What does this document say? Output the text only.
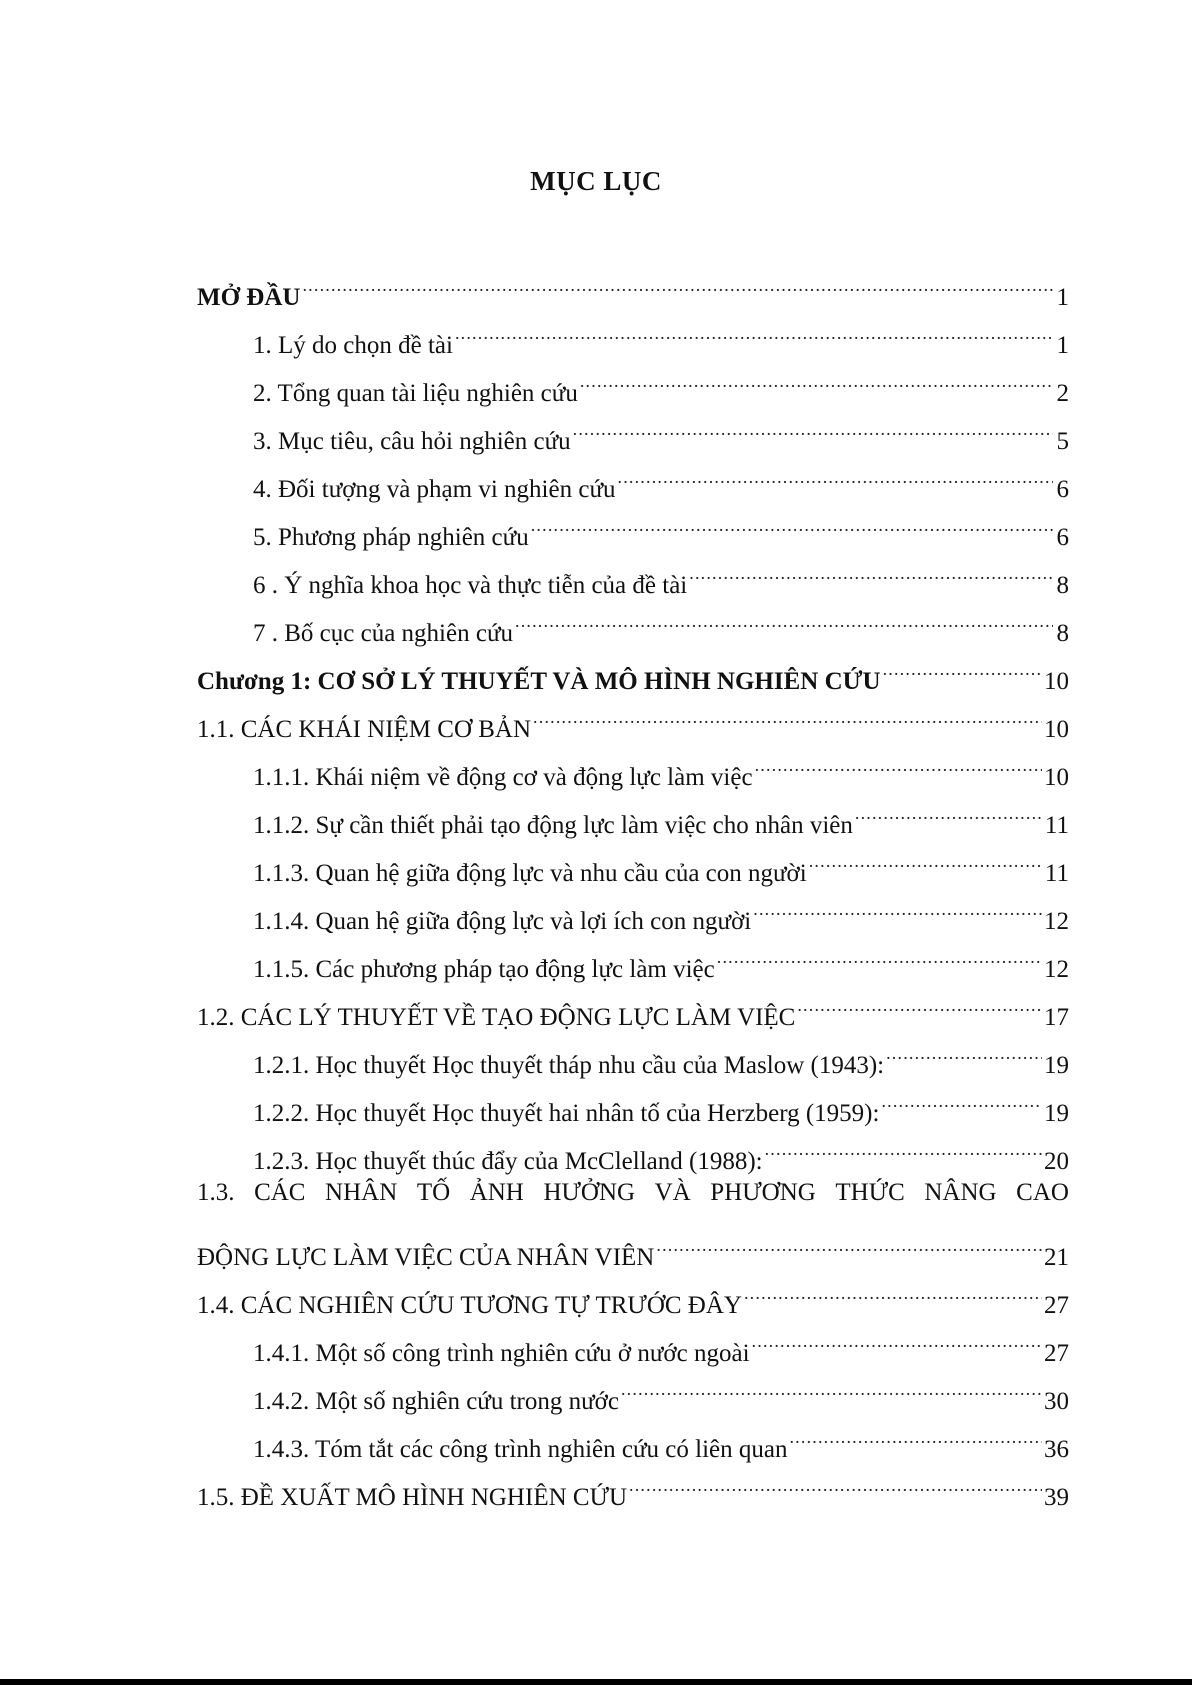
MỤC LỤC
MỞ ĐẦU .....	1
1. Lý do chọn đề tài .....	1
2. Tổng quan tài liệu nghiên cứu .....	2
3. Mục tiêu, câu hỏi nghiên cứu .....	5
4. Đối tượng và phạm vi nghiên cứu .....	6
5. Phương pháp nghiên cứu .....	6
6 . Ý nghĩa khoa học và thực tiễn của đề tài .....	8
7 . Bố cục của nghiên cứu .....	8
Chương 1: CƠ SỞ LÝ THUYẾT VÀ MÔ HÌNH NGHIÊN CỨU .....	10
1.1. CÁC KHÁI NIỆM CƠ BẢN .....	10
1.1.1. Khái niệm về động cơ và động lực làm việc .....	10
1.1.2. Sự cần thiết phải tạo động lực làm việc cho nhân viên .....	11
1.1.3. Quan hệ giữa động lực và nhu cầu của con người .....	11
1.1.4. Quan hệ giữa động lực và lợi ích con người .....	12
1.1.5. Các phương pháp tạo động lực làm việc .....	12
1.2. CÁC LÝ THUYẾT VỀ TẠO ĐỘNG LỰC LÀM VIỆC .....	17
1.2.1. Học thuyết Học thuyết tháp nhu cầu của Maslow (1943): .....	19
1.2.2. Học thuyết Học thuyết hai nhân tố của Herzberg (1959): .....	19
1.2.3. Học thuyết thúc đẩy của McClelland (1988): .....	20
1.3. CÁC NHÂN TỐ ẢNH HƯỞNG VÀ PHƯƠNG THỨC NÂNG CAO
ĐỘNG LỰC LÀM VIỆC CỦA NHÂN VIÊN .....	21
1.4. CÁC NGHIÊN CỨU TƯƠNG TỰ TRƯỚC ĐÂY .....	27
1.4.1. Một số công trình nghiên cứu ở nước ngoài .....	27
1.4.2. Một số nghiên cứu trong nước .....	30
1.4.3. Tóm tắt các công trình nghiên cứu có liên quan .....	36
1.5. ĐỀ XUẤT MÔ HÌNH NGHIÊN CỨU .....	39
